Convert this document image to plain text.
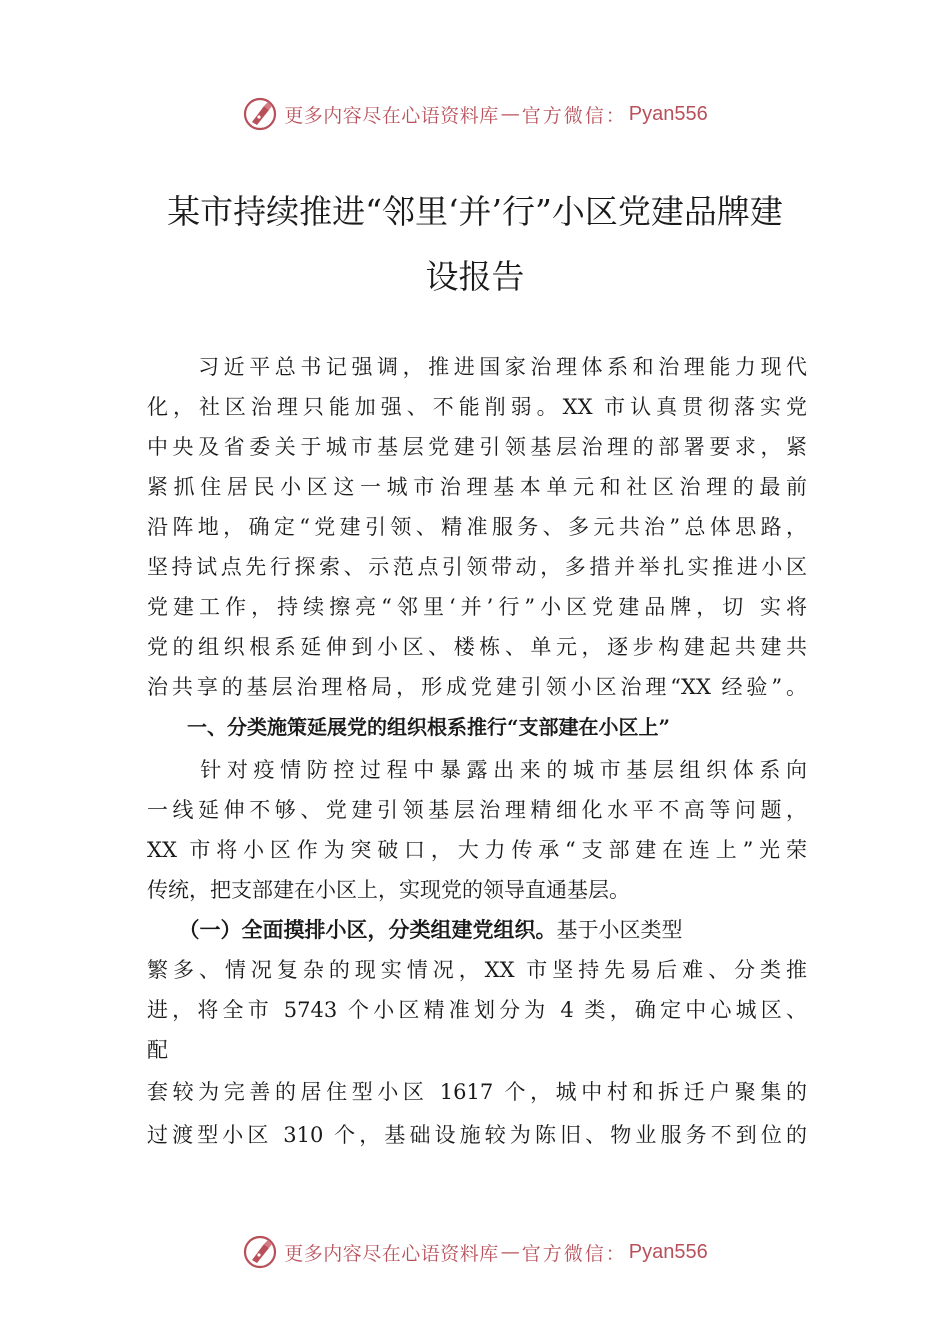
更多内容尽在心语资料库 — 官方微信： Pyan556
某市持续推进“邻里‘并’行”小区党建品牌建
设报告
　　习近平总书记强调，推进国家治理体系和治理能力现代
化，社区治理只能加强、不能削弱。XX 市认真贯彻落实党
中央及省委关于城市基层党建引领基层治理的部署要求，紧
紧抓住居民小区这一城市治理基本单元和社区治理的最前
沿阵地，确定“党建引领、精准服务、多元共治”总体思路，
坚持试点先行探索、示范点引领带动，多措并举扎实推进小区
党建工作，持续擦亮“邻里‘并’行”小区党建品牌，切 实将
党的组织根系延伸到小区、楼栋、单元，逐步构建起共建共
治共享的基层治理格局，形成党建引领小区治理“XX 经验”。
　　一、分类施策延展党的组织根系推行“支部建在小区上”
　　针对疫情防控过程中暴露出来的城市基层组织体系向
一线延伸不够、党建引领基层治理精细化水平不高等问题，
XX 市将小区作为突破口，大力传承“支部建在连上”光荣
传统，把支部建在小区上，实现党的领导直通基层。
　　（一）全面摸排小区，分类组建党组织。基于小区类型
繁多、情况复杂的现实情况，XX 市坚持先易后难、分类推
进，将全市 5743 个小区精准划分为 4 类，确定中心城区、
配
套较为完善的居住型小区 1617 个，城中村和拆迁户聚集的
过渡型小区 310 个，基础设施较为陈旧、物业服务不到位的
更多内容尽在心语资料库 — 官方微信： Pyan556
